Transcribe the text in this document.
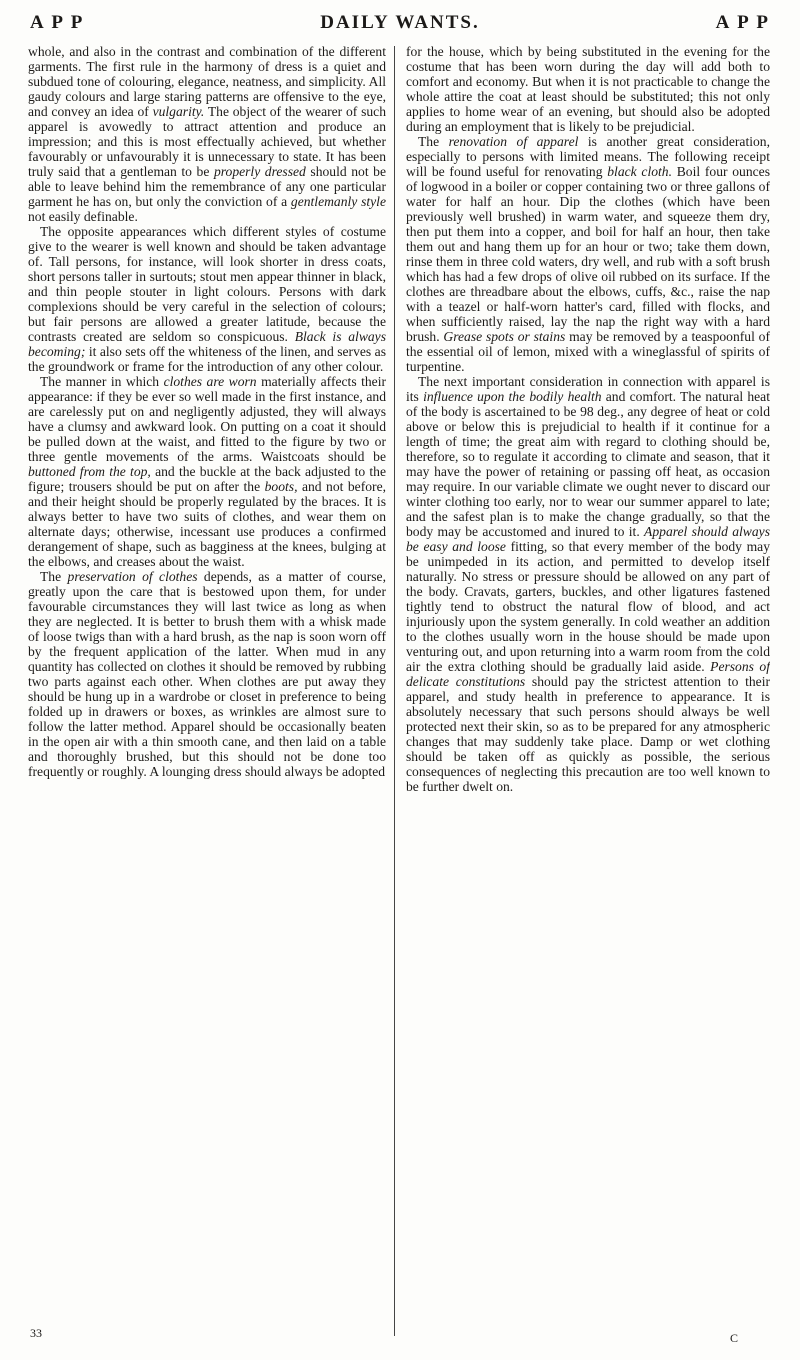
A P P	DAILY WANTS.	A P P

whole, and also in the contrast and combination of the different garments. The first rule in the harmony of dress is a quiet and subdued tone of colouring, elegance, neatness, and simplicity. All gaudy colours and large staring patterns are offensive to the eye, and convey an idea of vulgarity. The object of the wearer of such apparel is avowedly to attract attention and produce an impression; and this is most effectually achieved, but whether favourably or unfavourably it is unnecessary to state. It has been truly said that a gentleman to be properly dressed should not be able to leave behind him the remembrance of any one particular garment he has on, but only the conviction of a gentlemanly style not easily definable.

The opposite appearances which different styles of costume give to the wearer is well known and should be taken advantage of. Tall persons, for instance, will look shorter in dress coats, short persons taller in surtouts; stout men appear thinner in black, and thin people stouter in light colours. Persons with dark complexions should be very careful in the selection of colours; but fair persons are allowed a greater latitude, because the contrasts created are seldom so conspicuous. Black is always becoming; it also sets off the whiteness of the linen, and serves as the groundwork or frame for the introduction of any other colour.

The manner in which clothes are worn materially affects their appearance: if they be ever so well made in the first instance, and are carelessly put on and negligently adjusted, they will always have a clumsy and awkward look. On putting on a coat it should be pulled down at the waist, and fitted to the figure by two or three gentle movements of the arms. Waistcoats should be buttoned from the top, and the buckle at the back adjusted to the figure; trousers should be put on after the boots, and not before, and their height should be properly regulated by the braces. It is always better to have two suits of clothes, and wear them on alternate days; otherwise, incessant use produces a confirmed derangement of shape, such as bagginess at the knees, bulging at the elbows, and creases about the waist.

The preservation of clothes depends, as a matter of course, greatly upon the care that is bestowed upon them, for under favourable circumstances they will last twice as long as when they are neglected. It is better to brush them with a whisk made of loose twigs than with a hard brush, as the nap is soon worn off by the frequent application of the latter. When mud in any quantity has collected on clothes it should be removed by rubbing two parts against each other. When clothes are put away they should be hung up in a wardrobe or closet in preference to being folded up in drawers or boxes, as wrinkles are almost sure to follow the latter method. Apparel should be occasionally beaten in the open air with a thin smooth cane, and then laid on a table and thoroughly brushed, but this should not be done too frequently or roughly. A lounging dress should always be adopted

for the house, which by being substituted in the evening for the costume that has been worn during the day will add both to comfort and economy. But when it is not practicable to change the whole attire the coat at least should be substituted; this not only applies to home wear of an evening, but should also be adopted during an employment that is likely to be prejudicial.

The renovation of apparel is another great consideration, especially to persons with limited means. The following receipt will be found useful for renovating black cloth. Boil four ounces of logwood in a boiler or copper containing two or three gallons of water for half an hour. Dip the clothes (which have been previously well brushed) in warm water, and squeeze them dry, then put them into a copper, and boil for half an hour, then take them out and hang them up for an hour or two; take them down, rinse them in three cold waters, dry well, and rub with a soft brush which has had a few drops of olive oil rubbed on its surface. If the clothes are threadbare about the elbows, cuffs, &c., raise the nap with a teazel or half-worn hatter's card, filled with flocks, and when sufficiently raised, lay the nap the right way with a hard brush. Grease spots or stains may be removed by a teaspoonful of the essential oil of lemon, mixed with a wineglassful of spirits of turpentine.

The next important consideration in connection with apparel is its influence upon the bodily health and comfort. The natural heat of the body is ascertained to be 98 deg., any degree of heat or cold above or below this is prejudicial to health if it continue for a length of time; the great aim with regard to clothing should be, therefore, so to regulate it according to climate and season, that it may have the power of retaining or passing off heat, as occasion may require. In our variable climate we ought never to discard our winter clothing too early, nor to wear our summer apparel to late; and the safest plan is to make the change gradually, so that the body may be accustomed and inured to it. Apparel should always be easy and loose fitting, so that every member of the body may be unimpeded in its action, and permitted to develop itself naturally. No stress or pressure should be allowed on any part of the body. Cravats, garters, buckles, and other ligatures fastened tightly tend to obstruct the natural flow of blood, and act injuriously upon the system generally. In cold weather an addition to the clothes usually worn in the house should be made upon venturing out, and upon returning into a warm room from the cold air the extra clothing should be gradually laid aside. Persons of delicate constitutions should pay the strictest attention to their apparel, and study health in preference to appearance. It is absolutely necessary that such persons should always be well protected next their skin, so as to be prepared for any atmospheric changes that may suddenly take place. Damp or wet clothing should be taken off as quickly as possible, the serious consequences of neglecting this precaution are too well known to be further dwelt on.

33	C
